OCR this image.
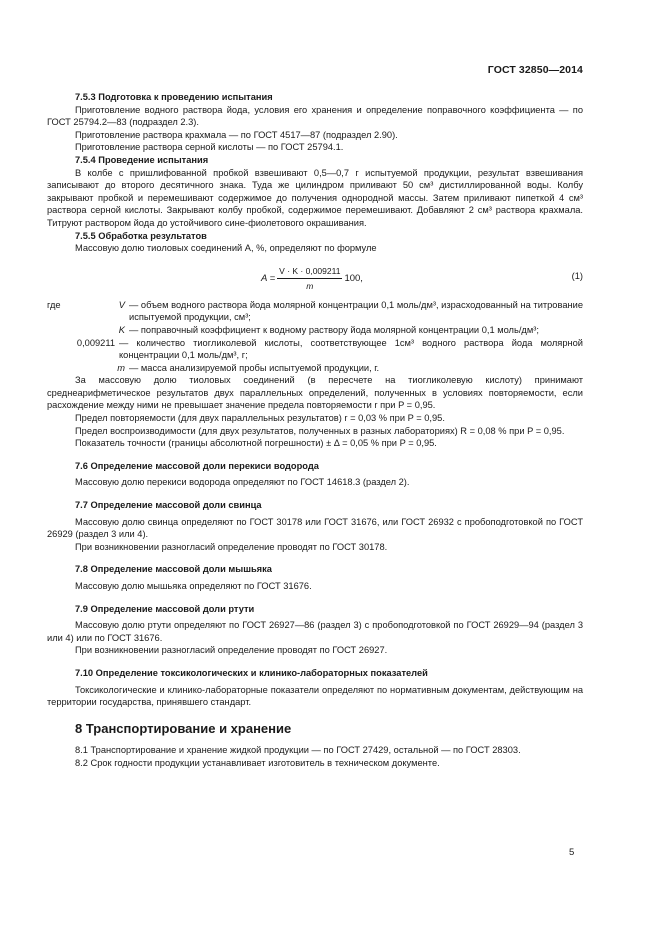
ГОСТ 32850—2014

7.5.3 Подготовка к проведению испытания

Приготовление водного раствора йода, условия его хранения и определение поправочного коэффициента — по ГОСТ 25794.2—83 (подраздел 2.3).

Приготовление раствора крахмала — по ГОСТ 4517—87 (подраздел 2.90).

Приготовление раствора серной кислоты — по ГОСТ 25794.1.

7.5.4 Проведение испытания

В колбе с пришлифованной пробкой взвешивают 0,5—0,7 г испытуемой продукции, результат взвешивания записывают до второго десятичного знака. Туда же цилиндром приливают 50 см³ дистиллированной воды. Колбу закрывают пробкой и перемешивают содержимое до получения однородной массы. Затем приливают пипеткой 4 см³ раствора серной кислоты. Закрывают колбу пробкой, содержимое перемешивают. Добавляют 2 см³ раствора крахмала. Титруют раствором йода до устойчивого сине-фиолетового окрашивания.

7.5.5 Обработка результатов

Массовую долю тиоловых соединений A, %, определяют по формуле

$A = \frac{V \cdot K \cdot 0,009211}{m} 100$,	(1)
где	V — объем водного раствора йода молярной концентрации 0,1 моль/дм³, израсходованный на титрование испытуемой продукции, см³;
K — поправочный коэффициент к водному раствору йода молярной концентрации 0,1 моль/дм³;
0,009211 — количество тиогликолевой кислоты, соответствующее 1см³ водного раствора йода молярной концентрации 0,1 моль/дм³, г;
m — масса анализируемой пробы испытуемой продукции, г.

За массовую долю тиоловых соединений (в пересчете на тиогликолевую кислоту) принимают среднеарифметическое результатов двух параллельных определений, полученных в условиях повторяемости, если расхождение между ними не превышает значение предела повторяемости r при P = 0,95.

Предел повторяемости (для двух параллельных результатов) r = 0,03 % при P = 0,95.

Предел воспроизводимости (для двух результатов, полученных в разных лабораториях) R = 0,08 % при P = 0,95.

Показатель точности (границы абсолютной погрешности) ± Δ = 0,05 % при P = 0,95.

7.6 Определение массовой доли перекиси водорода

Массовую долю перекиси водорода определяют по ГОСТ 14618.3 (раздел 2).

7.7 Определение массовой доли свинца

Массовую долю свинца определяют по ГОСТ 30178 или ГОСТ 31676, или ГОСТ 26932 с пробоподготовкой по ГОСТ 26929 (раздел 3 или 4).

При возникновении разногласий определение проводят по ГОСТ 30178.

7.8 Определение массовой доли мышьяка

Массовую долю мышьяка определяют по ГОСТ 31676.

7.9 Определение массовой доли ртути

Массовую долю ртути определяют по ГОСТ 26927—86 (раздел 3) с пробоподготовкой по ГОСТ 26929—94 (раздел 3 или 4) или по ГОСТ 31676.

При возникновении разногласий определение проводят по ГОСТ 26927.

7.10 Определение токсикологических и клинико-лабораторных показателей

Токсикологические и клинико-лабораторные показатели определяют по нормативным документам, действующим на территории государства, принявшего стандарт.

8 Транспортирование и хранение

8.1 Транспортирование и хранение жидкой продукции — по ГОСТ 27429, остальной — по ГОСТ 28303.

8.2 Срок годности продукции устанавливает изготовитель в техническом документе.

5
